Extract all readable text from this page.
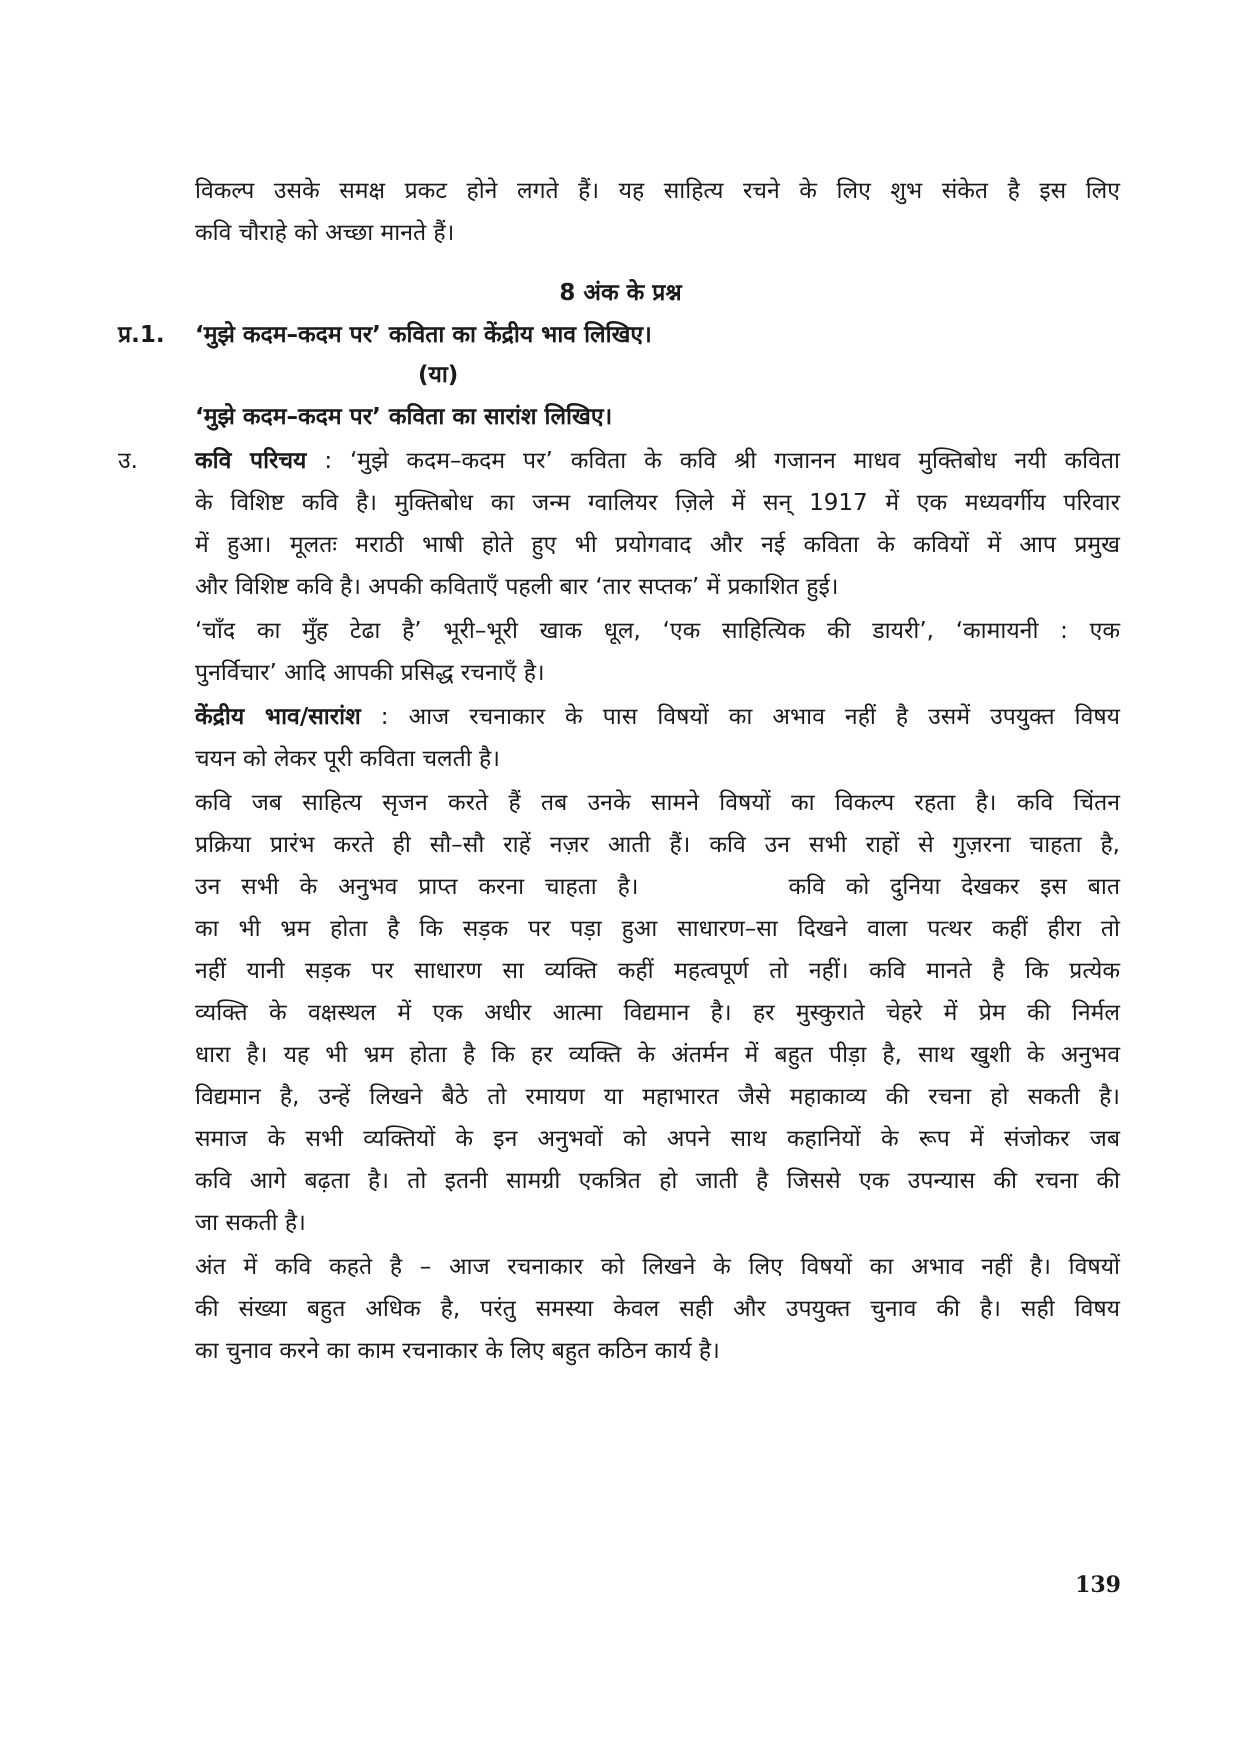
विकल्प उसके समक्ष प्रकट होने लगते हैं। यह साहित्य रचने के लिए शुभ संकेत है इस लिए
कवि चौराहे को अच्छा मानते हैं।
8 अंक के प्रश्न
प्र.1. ‘मुझे कदम–कदम पर’ कविता का केंद्रीय भाव लिखिए।
(या)
‘मुझे कदम–कदम पर’ कविता का सारांश लिखिए।
उ. कवि परिचय : ‘मुझे कदम–कदम पर’ कविता के कवि श्री गजानन माधव मुक्तिबोध नयी कविता
के विशिष्ट कवि है। मुक्तिबोध का जन्म ग्वालियर ज़िले में सन् 1917 में एक मध्यवर्गीय परिवार
में हुआ। मूलतः मराठी भाषी होते हुए भी प्रयोगवाद और नई कविता के कवियों में आप प्रमुख
और विशिष्ट कवि है। अपकी कविताएँ पहली बार ‘तार सप्तक’ में प्रकाशित हुई।
‘चाँद का मुँह टेढा है’ भूरी–भूरी खाक धूल, ‘एक साहित्यिक की डायरी’, ‘कामायनी : एक
पुनर्विचार’ आदि आपकी प्रसिद्ध रचनाएँ है।
केंद्रीय भाव/सारांश : आज रचनाकार के पास विषयों का अभाव नहीं है उसमें उपयुक्त विषय
चयन को लेकर पूरी कविता चलती है।
कवि जब साहित्य सृजन करते हैं तब उनके सामने विषयों का विकल्प रहता है। कवि चिंतन
प्रक्रिया प्रारंभ करते ही सौ–सौ राहें नज़र आती हैं। कवि उन सभी राहों से गुज़रना चाहता है,
उन सभी के अनुभव प्राप्त करना चाहता है।	कवि को दुनिया देखकर इस बात
का भी भ्रम होता है कि सड़क पर पड़ा हुआ साधारण–सा दिखने वाला पत्थर कहीं हीरा तो
नहीं यानी सड़क पर साधारण सा व्यक्ति कहीं महत्वपूर्ण तो नहीं। कवि मानते है कि प्रत्येक
व्यक्ति के वक्षस्थल में एक अधीर आत्मा विद्यमान है। हर मुस्कुराते चेहरे में प्रेम की निर्मल
धारा है। यह भी भ्रम होता है कि हर व्यक्ति के अंतर्मन में बहुत पीड़ा है, साथ खुशी के अनुभव
विद्यमान है, उन्हें लिखने बैठे तो रमायण या महाभारत जैसे महाकाव्य की रचना हो सकती है।
समाज के सभी व्यक्तियों के इन अनुभवों को अपने साथ कहानियों के रूप में संजोकर जब
कवि आगे बढ़ता है। तो इतनी सामग्री एकत्रित हो जाती है जिससे एक उपन्यास की रचना की
जा सकती है।
अंत में कवि कहते है – आज रचनाकार को लिखने के लिए विषयों का अभाव नहीं है। विषयों
की संख्या बहुत अधिक है, परंतु समस्या केवल सही और उपयुक्त चुनाव की है। सही विषय
का चुनाव करने का काम रचनाकार के लिए बहुत कठिन कार्य है।
139
